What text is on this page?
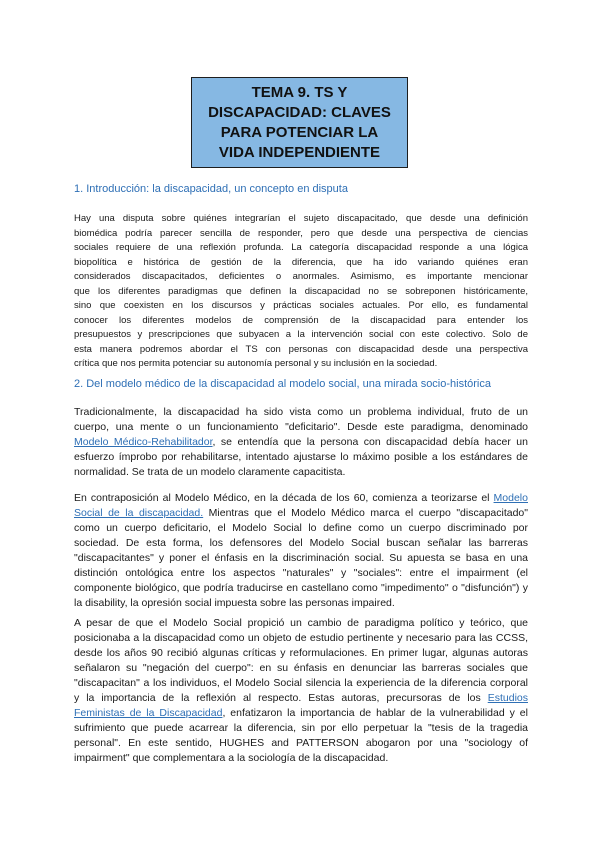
TEMA 9. TS Y
DISCAPACIDAD: CLAVES
PARA POTENCIAR LA
VIDA INDEPENDIENTE
1. Introducción: la discapacidad, un concepto en disputa
Hay una disputa sobre quiénes integrarían el sujeto discapacitado, que desde una definición
biomédica podría parecer sencilla de responder, pero que desde una perspectiva de ciencias
sociales requiere de una reflexión profunda. La categoría discapacidad responde a una lógica
biopolítica e histórica de gestión de la diferencia, que ha ido variando quiénes eran
considerados discapacitados, deficientes o anormales. Asimismo, es importante mencionar
que los diferentes paradigmas que definen la discapacidad no se sobreponen históricamente,
sino que coexisten en los discursos y prácticas sociales actuales. Por ello, es fundamental
conocer los diferentes modelos de comprensión de la discapacidad para entender los
presupuestos y prescripciones que subyacen a la intervención social con este colectivo. Solo de
esta manera podremos abordar el TS con personas con discapacidad desde una perspectiva
crítica que nos permita potenciar su autonomía personal y su inclusión en la sociedad.
2. Del modelo médico de la discapacidad al modelo social, una mirada socio-histórica
Tradicionalmente, la discapacidad ha sido vista como un problema individual, fruto de un
cuerpo, una mente o un funcionamiento "deficitario". Desde este paradigma, denominado
Modelo Médico-Rehabilitador, se entendía que la persona con discapacidad debía hacer un
esfuerzo ímprobo por rehabilitarse, intentado ajustarse lo máximo posible a los estándares de
normalidad. Se trata de un modelo claramente capacitista.
En contraposición al Modelo Médico, en la década de los 60, comienza a teorizarse el Modelo
Social de la discapacidad. Mientras que el Modelo Médico marca el cuerpo "discapacitado"
como un cuerpo deficitario, el Modelo Social lo define como un cuerpo discriminado por
sociedad. De esta forma, los defensores del Modelo Social buscan señalar las barreras
"discapacitantes" y poner el énfasis en la discriminación social. Su apuesta se basa en una
distinción ontológica entre los aspectos "naturales" y "sociales": entre el impairment (el
componente biológico, que podría traducirse en castellano como "impedimento" o "disfunción") y
la disability, la opresión social impuesta sobre las personas impaired.
A pesar de que el Modelo Social propició un cambio de paradigma político y teórico, que
posicionaba a la discapacidad como un objeto de estudio pertinente y necesario para las CCSS,
desde los años 90 recibió algunas críticas y reformulaciones. En primer lugar, algunas autoras
señalaron su "negación del cuerpo": en su énfasis en denunciar las barreras sociales que
"discapacitan" a los individuos, el Modelo Social silencia la experiencia de la diferencia corporal
y la importancia de la reflexión al respecto. Estas autoras, precursoras de los Estudios
Feministas de la Discapacidad, enfatizaron la importancia de hablar de la vulnerabilidad y el
sufrimiento que puede acarrear la diferencia, sin por ello perpetuar la "tesis de la tragedia
personal". En este sentido, HUGHES and PATTERSON abogaron por una "sociology of
impairment" que complementara a la sociología de la discapacidad.
